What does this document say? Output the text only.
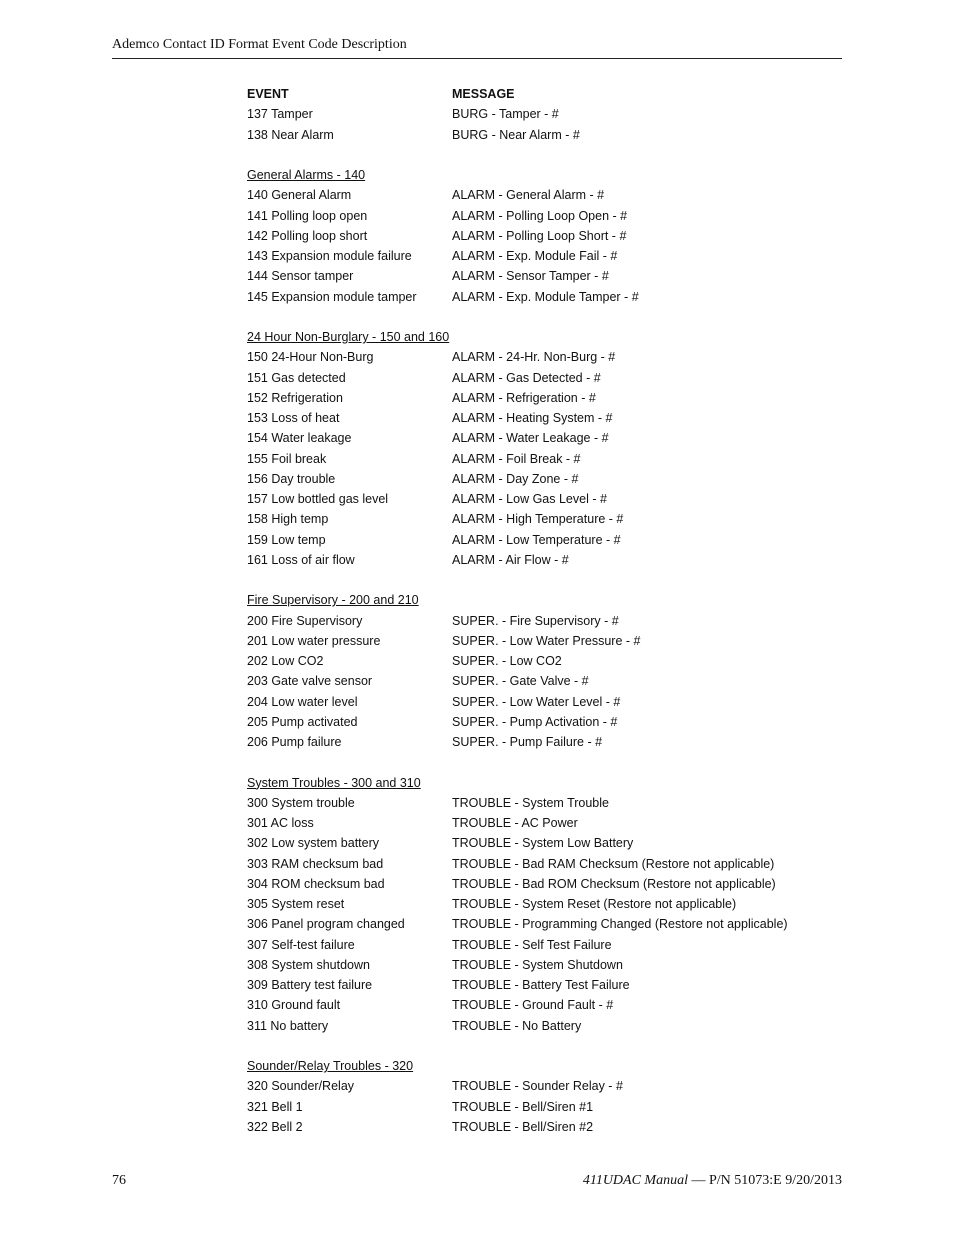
Ademco Contact ID Format Event Code Description
EVENT	MESSAGE
137 Tamper	BURG - Tamper - #
138 Near Alarm	BURG - Near Alarm - #
General Alarms - 140
140 General Alarm	ALARM - General Alarm - #
141 Polling loop open	ALARM - Polling Loop Open - #
142 Polling loop short	ALARM - Polling Loop Short - #
143 Expansion module failure	ALARM - Exp. Module Fail - #
144 Sensor tamper	ALARM - Sensor Tamper - #
145 Expansion module tamper	ALARM - Exp. Module Tamper - #
24 Hour Non-Burglary - 150 and 160
150 24-Hour Non-Burg	ALARM - 24-Hr. Non-Burg - #
151 Gas detected	ALARM - Gas Detected - #
152 Refrigeration	ALARM - Refrigeration - #
153 Loss of heat	ALARM - Heating System - #
154 Water leakage	ALARM - Water Leakage - #
155 Foil break	ALARM - Foil Break - #
156 Day trouble	ALARM - Day Zone - #
157 Low bottled gas level	ALARM - Low Gas Level - #
158 High temp	ALARM - High Temperature - #
159 Low temp	ALARM - Low Temperature - #
161 Loss of air flow	ALARM - Air Flow - #
Fire Supervisory - 200 and 210
200 Fire Supervisory	SUPER. - Fire Supervisory - #
201 Low water pressure	SUPER. - Low Water Pressure - #
202 Low CO2	SUPER. - Low CO2
203 Gate valve sensor	SUPER. - Gate Valve - #
204 Low water level	SUPER. - Low Water Level - #
205 Pump activated	SUPER. - Pump Activation - #
206 Pump failure	SUPER. - Pump Failure - #
System Troubles - 300 and 310
300 System trouble	TROUBLE - System Trouble
301 AC loss	TROUBLE - AC Power
302 Low system battery	TROUBLE - System Low Battery
303 RAM checksum bad	TROUBLE - Bad RAM Checksum (Restore not applicable)
304 ROM checksum bad	TROUBLE - Bad ROM Checksum (Restore not applicable)
305 System reset	TROUBLE - System Reset (Restore not applicable)
306 Panel program changed	TROUBLE - Programming Changed (Restore not applicable)
307 Self-test failure	TROUBLE - Self Test Failure
308 System shutdown	TROUBLE - System Shutdown
309 Battery test failure	TROUBLE - Battery Test Failure
310 Ground fault	TROUBLE - Ground Fault - #
311 No battery	TROUBLE - No Battery
Sounder/Relay Troubles - 320
320 Sounder/Relay	TROUBLE - Sounder Relay - #
321 Bell 1	TROUBLE - Bell/Siren #1
322 Bell 2	TROUBLE - Bell/Siren #2
76	411UDAC Manual — P/N 51073:E 9/20/2013
